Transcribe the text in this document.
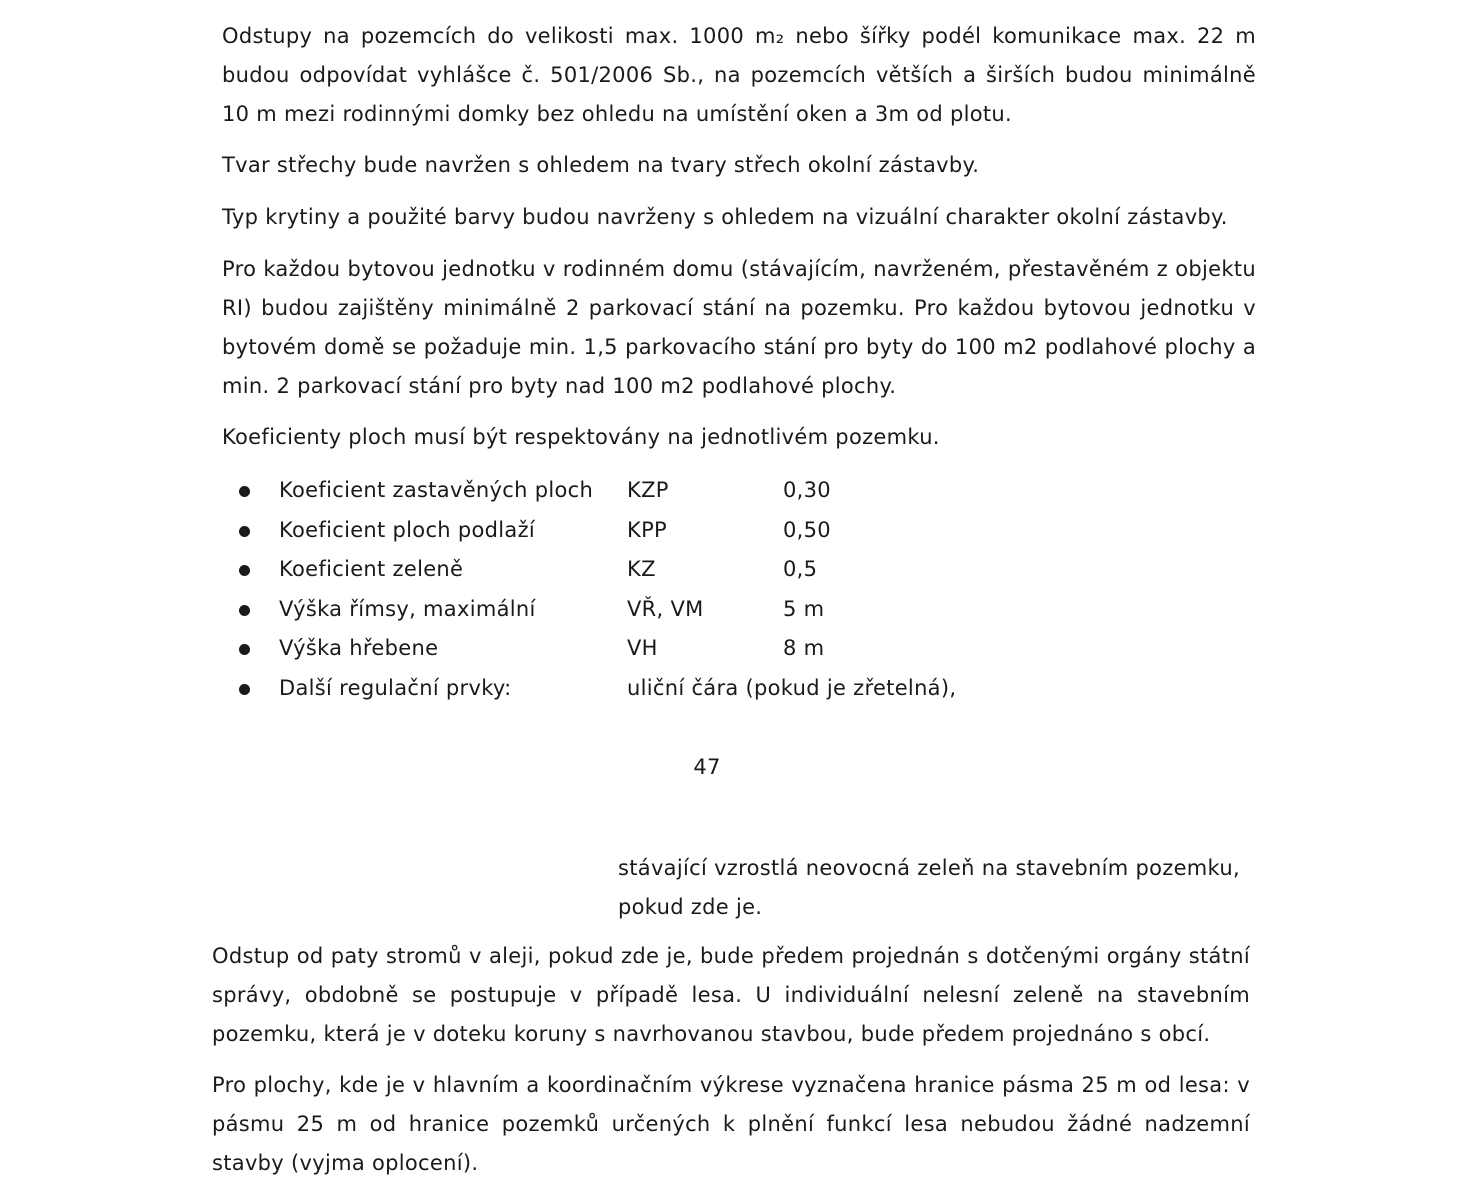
Odstupy na pozemcích do velikosti max. 1000 m₂ nebo šířky podél komunikace max. 22 m budou odpovídat vyhlášce č. 501/2006 Sb., na pozemcích větších a širších budou minimálně 10 m mezi rodinnými domky bez ohledu na umístění oken a 3m od plotu.

Tvar střechy bude navržen s ohledem na tvary střech okolní zástavby.

Typ krytiny a použité barvy budou navrženy s ohledem na vizuální charakter okolní zástavby.

Pro každou bytovou jednotku v rodinném domu (stávajícím, navrženém, přestavěném z objektu RI) budou zajištěny minimálně 2 parkovací stání na pozemku. Pro každou bytovou jednotku v bytovém domě se požaduje min. 1,5 parkovacího stání pro byty do 100 m2 podlahové plochy a min. 2 parkovací stání pro byty nad 100 m2 podlahové plochy.

Koeficienty ploch musí být respektovány na jednotlivém pozemku.

Koeficient zastavěných ploch KZP	0,30
Koeficient ploch podlaží	KPP	0,50
Koeficient zeleně	KZ	0,5
Výška římsy, maximální	VŘ, VM	5 m
Výška hřebene	VH	8 m
Další regulační prvky:	uliční čára (pokud je zřetelná),
47
stávající vzrostlá neovocná zeleň na stavebním pozemku,
pokud zde je.

Odstup od paty stromů v aleji, pokud zde je, bude předem projednán s dotčenými orgány státní správy, obdobně se postupuje v případě lesa. U individuální nelesní zeleně na stavebním pozemku, která je v doteku koruny s navrhovanou stavbou, bude předem projednáno s obcí.

Pro plochy, kde je v hlavním a koordinačním výkrese vyznačena hranice pásma 25 m od lesa: v pásmu 25 m od hranice pozemků určených k plnění funkcí lesa nebudou žádné nadzemní stavby (vyjma oplocení).
